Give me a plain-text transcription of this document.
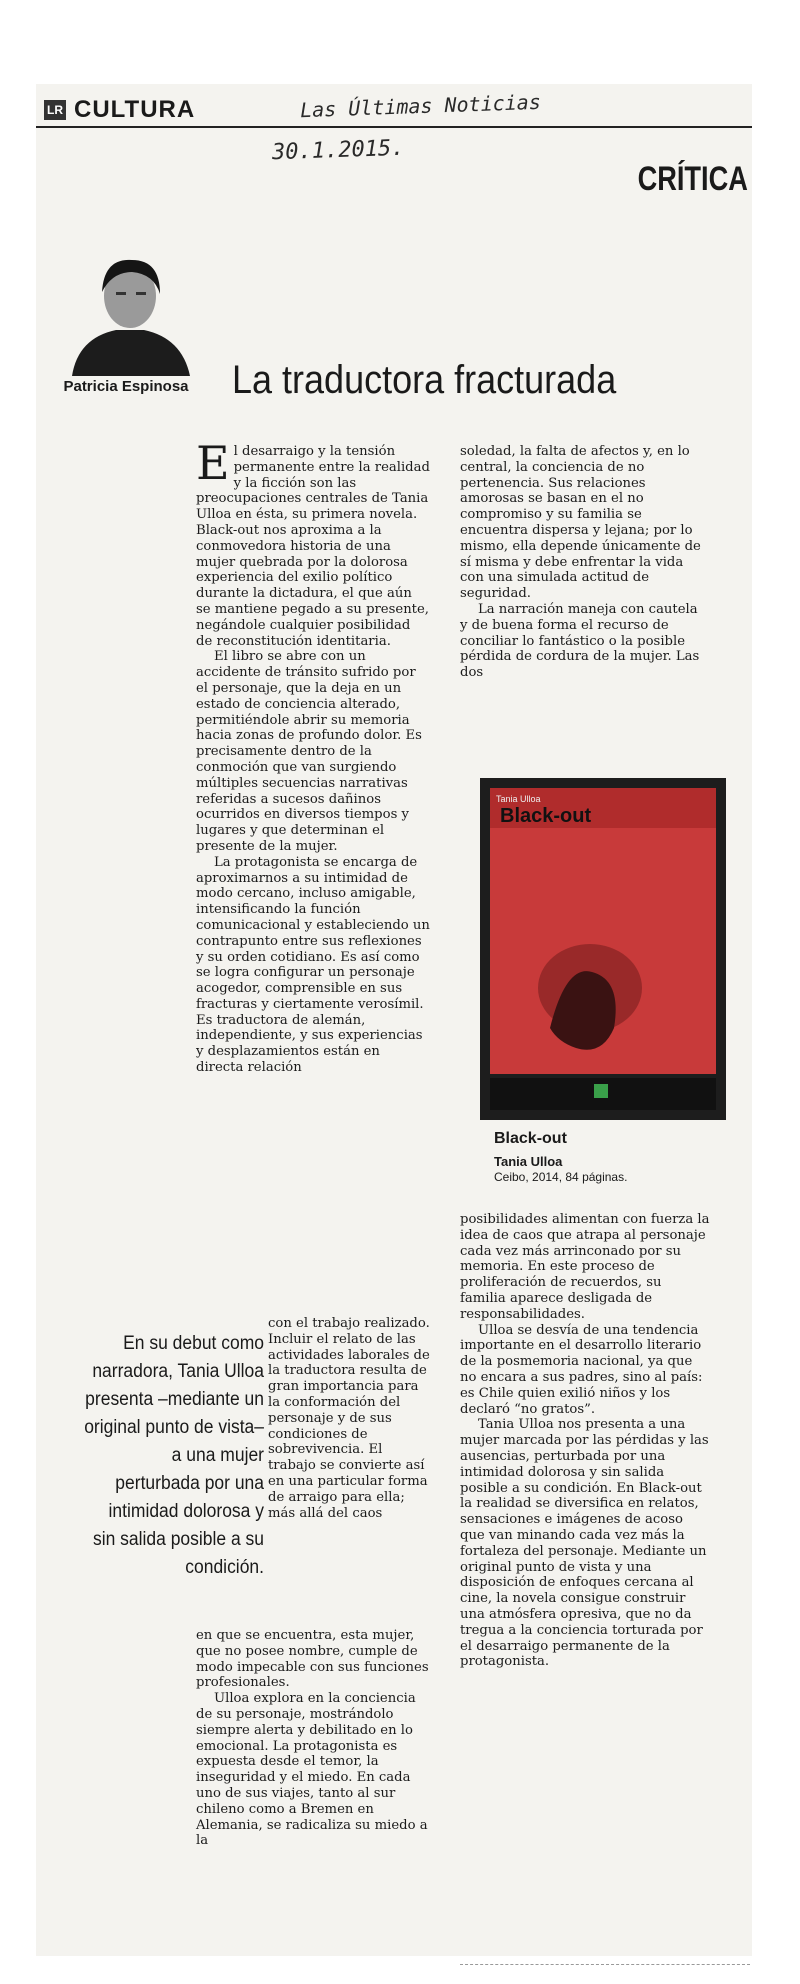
LR CULTURA	Las Últimas Noticias
30.1.2015.
CRÍTICA
Patricia Espinosa	La traductora fracturada

El desarraigo y la tensión permanente entre la realidad y la ficción son las preocupaciones centrales de Tania Ulloa en ésta, su primera novela. Black-out nos aproxima a la conmovedora historia de una mujer quebrada por la dolorosa experiencia del exilio político durante la dictadura, el que aún se mantiene pegado a su presente, negándole cualquier posibilidad de reconstitución identitaria.

El libro se abre con un accidente de tránsito sufrido por el personaje, que la deja en un estado de conciencia alterado, permitiéndole abrir su memoria hacia zonas de profundo dolor. Es precisamente dentro de la conmoción que van surgiendo múltiples secuencias narrativas referidas a sucesos dañinos ocurridos en diversos tiempos y lugares y que determinan el presente de la mujer.

La protagonista se encarga de aproximarnos a su intimidad de modo cercano, incluso amigable, intensificando la función comunicacional y estableciendo un contrapunto entre sus reflexiones y su orden cotidiano. Es así como se logra configurar un personaje acogedor, comprensible en sus fracturas y ciertamente verosímil. Es traductora de alemán, independiente, y sus experiencias y desplazamientos están en directa relación

En su debut como narradora, Tania Ulloa presenta –mediante un original punto de vista– a una mujer perturbada por una intimidad dolorosa y sin salida posible a su condición.

con el trabajo realizado. Incluir el relato de las actividades laborales de la traductora resulta de gran importancia para la conformación del personaje y de sus condiciones de sobrevivencia. El trabajo se convierte así en una particular forma de arraigo para ella; más allá del caos

en que se encuentra, esta mujer, que no posee nombre, cumple de modo impecable con sus funciones profesionales.

Ulloa explora en la conciencia de su personaje, mostrándolo siempre alerta y debilitado en lo emocional. La protagonista es expuesta desde el temor, la inseguridad y el miedo. En cada uno de sus viajes, tanto al sur chileno como a Bremen en Alemania, se radicaliza su miedo a la

soledad, la falta de afectos y, en lo central, la conciencia de no pertenencia. Sus relaciones amorosas se basan en el no compromiso y su familia se encuentra dispersa y lejana; por lo mismo, ella depende únicamente de sí misma y debe enfrentar la vida con una simulada actitud de seguridad.

La narración maneja con cautela y de buena forma el recurso de conciliar lo fantástico o la posible pérdida de cordura de la mujer. Las dos

Tania Ulloa
Black-out
Black-out
Tania Ulloa
Ceibo, 2014, 84 páginas.

posibilidades alimentan con fuerza la idea de caos que atrapa al personaje cada vez más arrinconado por su memoria. En este proceso de proliferación de recuerdos, su familia aparece desligada de responsabilidades.

Ulloa se desvía de una tendencia importante en el desarrollo literario de la posmemoria nacional, ya que no encara a sus padres, sino al país: es Chile quien exilió niños y los declaró “no gratos”.

Tania Ulloa nos presenta a una mujer marcada por las pérdidas y las ausencias, perturbada por una intimidad dolorosa y sin salida posible a su condición. En Black-out la realidad se diversifica en relatos, sensaciones e imágenes de acoso que van minando cada vez más la fortaleza del personaje. Mediante un original punto de vista y una disposición de enfoques cercana al cine, la novela consigue construir una atmósfera opresiva, que no da tregua a la conciencia torturada por el desarraigo permanente de la protagonista.
